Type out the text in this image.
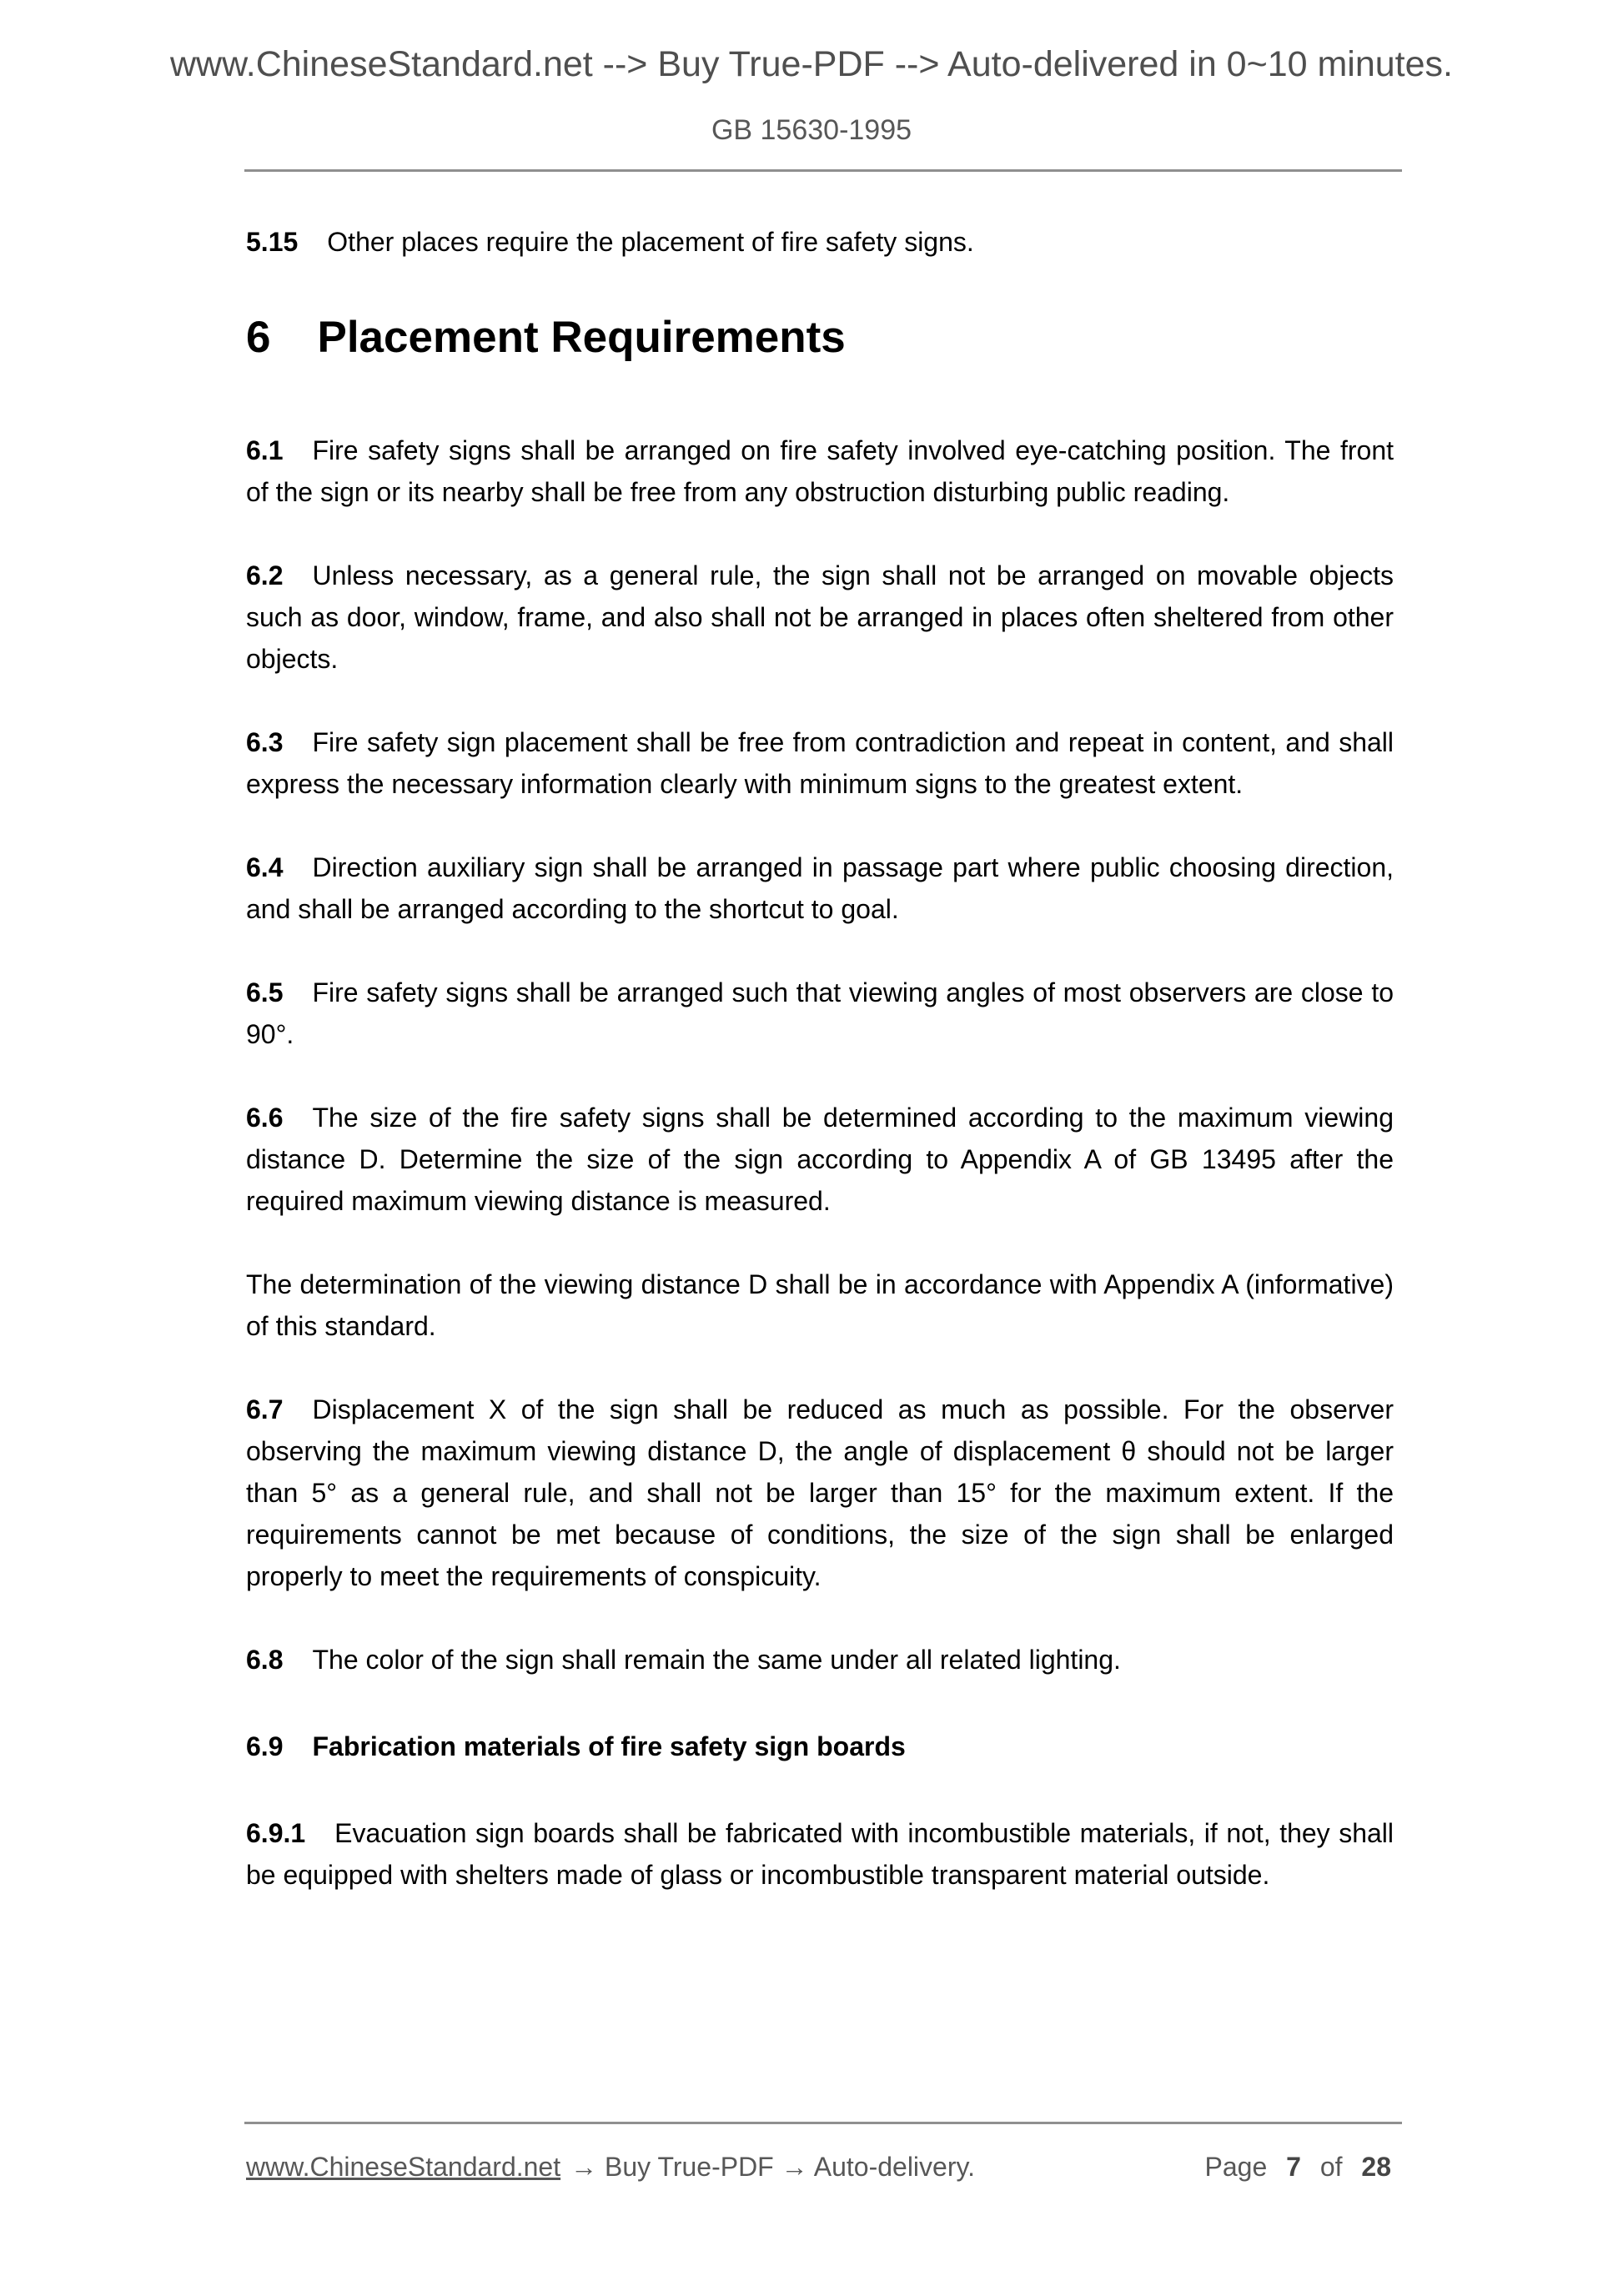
www.ChineseStandard.net --> Buy True-PDF --> Auto-delivered in 0~10 minutes.
GB 15630-1995

5.15 Other places require the placement of fire safety signs.

6 Placement Requirements

6.1 Fire safety signs shall be arranged on fire safety involved eye-catching position. The front of the sign or its nearby shall be free from any obstruction disturbing public reading.

6.2 Unless necessary, as a general rule, the sign shall not be arranged on movable objects such as door, window, frame, and also shall not be arranged in places often sheltered from other objects.

6.3 Fire safety sign placement shall be free from contradiction and repeat in content, and shall express the necessary information clearly with minimum signs to the greatest extent.

6.4 Direction auxiliary sign shall be arranged in passage part where public choosing direction, and shall be arranged according to the shortcut to goal.

6.5 Fire safety signs shall be arranged such that viewing angles of most observers are close to 90°.

6.6 The size of the fire safety signs shall be determined according to the maximum viewing distance D. Determine the size of the sign according to Appendix A of GB 13495 after the required maximum viewing distance is measured.

The determination of the viewing distance D shall be in accordance with Appendix A (informative) of this standard.

6.7 Displacement X of the sign shall be reduced as much as possible. For the observer observing the maximum viewing distance D, the angle of displacement θ should not be larger than 5° as a general rule, and shall not be larger than 15° for the maximum extent. If the requirements cannot be met because of conditions, the size of the sign shall be enlarged properly to meet the requirements of conspicuity.

6.8 The color of the sign shall remain the same under all related lighting.

6.9 Fabrication materials of fire safety sign boards

6.9.1 Evacuation sign boards shall be fabricated with incombustible materials, if not, they shall be equipped with shelters made of glass or incombustible transparent material outside.

www.ChineseStandard.net → Buy True-PDF → Auto-delivery.	Page 7 of 28
